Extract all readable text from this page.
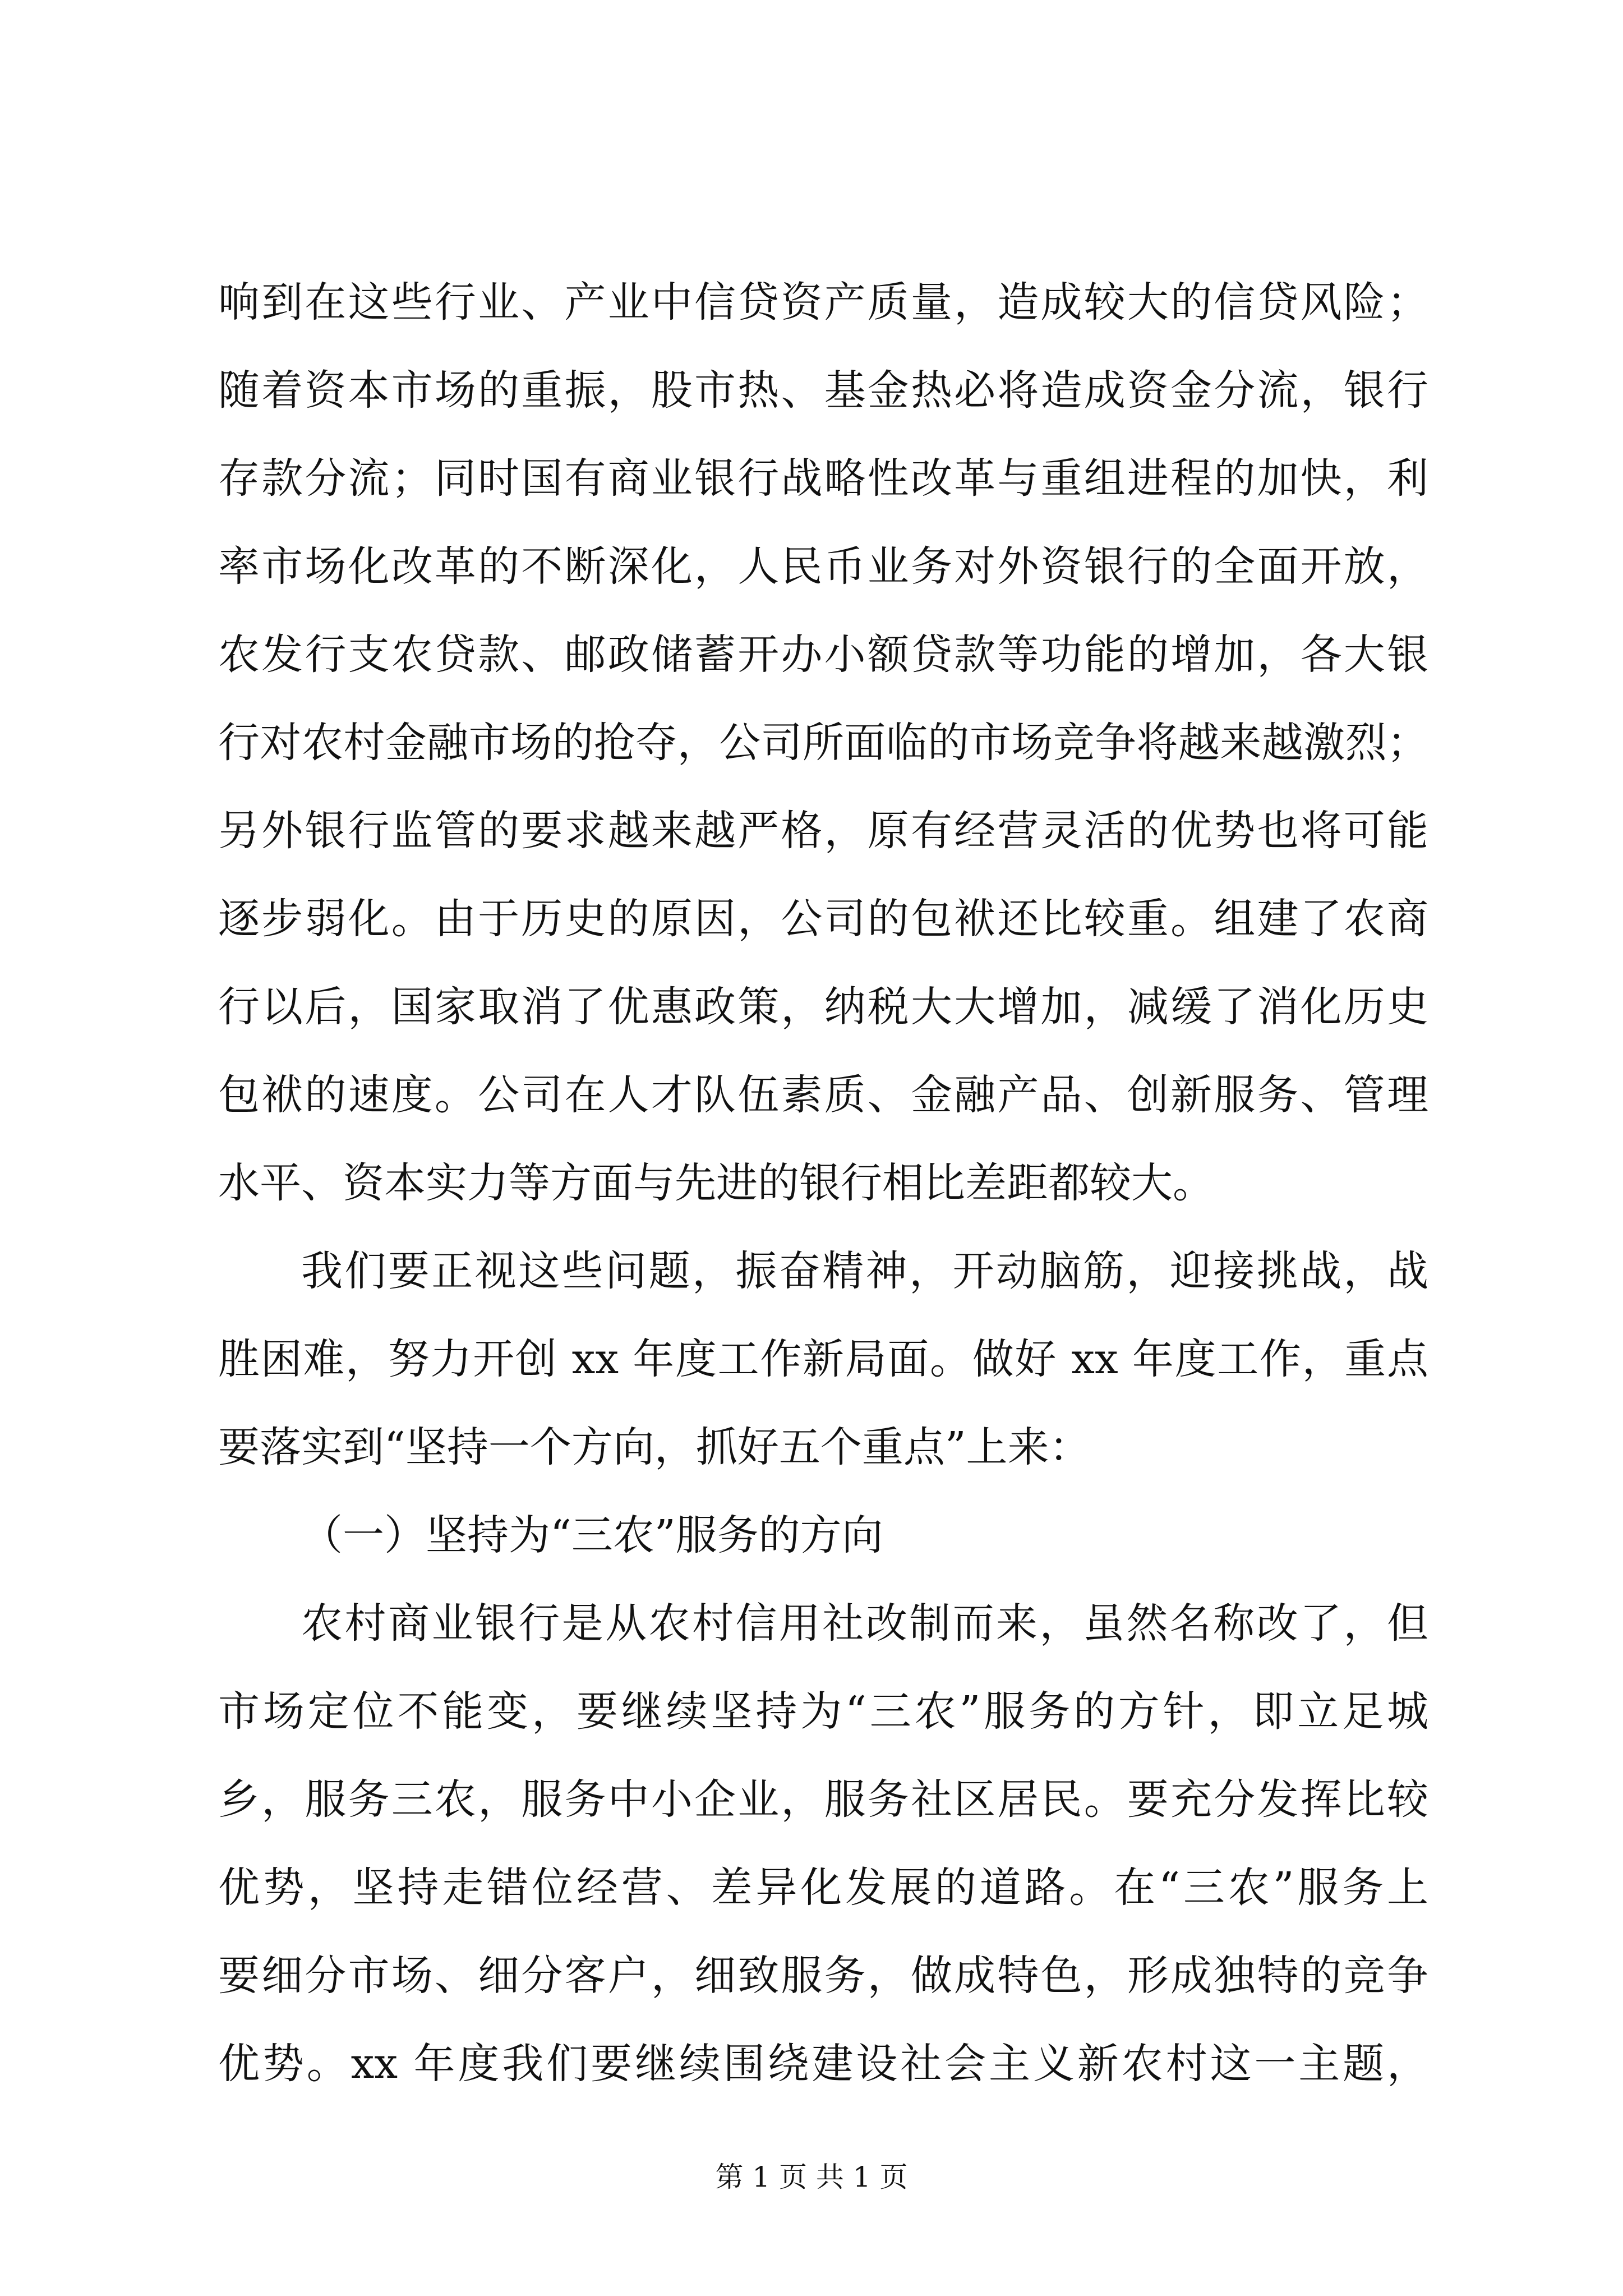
响到在这些行业、产业中信贷资产质量，造成较大的信贷风险；
随着资本市场的重振，股市热、基金热必将造成资金分流，银行
存款分流；同时国有商业银行战略性改革与重组进程的加快，利
率市场化改革的不断深化，人民币业务对外资银行的全面开放，
农发行支农贷款、邮政储蓄开办小额贷款等功能的增加，各大银
行对农村金融市场的抢夺，公司所面临的市场竞争将越来越激烈；
另外银行监管的要求越来越严格，原有经营灵活的优势也将可能
逐步弱化。由于历史的原因，公司的包袱还比较重。组建了农商
行以后，国家取消了优惠政策，纳税大大增加，减缓了消化历史
包袱的速度。公司在人才队伍素质、金融产品、创新服务、管理
水平、资本实力等方面与先进的银行相比差距都较大。
我们要正视这些问题，振奋精神，开动脑筋，迎接挑战，战
胜困难，努力开创 xx 年度工作新局面。做好 xx 年度工作，重点
要落实到“坚持一个方向，抓好五个重点”上来：
（一）坚持为“三农”服务的方向
农村商业银行是从农村信用社改制而来，虽然名称改了，但
市场定位不能变，要继续坚持为“三农”服务的方针，即立足城
乡，服务三农，服务中小企业，服务社区居民。要充分发挥比较
优势，坚持走错位经营、差异化发展的道路。在“三农”服务上
要细分市场、细分客户，细致服务，做成特色，形成独特的竞争
优势。xx 年度我们要继续围绕建设社会主义新农村这一主题，
第 1 页 共 1 页
